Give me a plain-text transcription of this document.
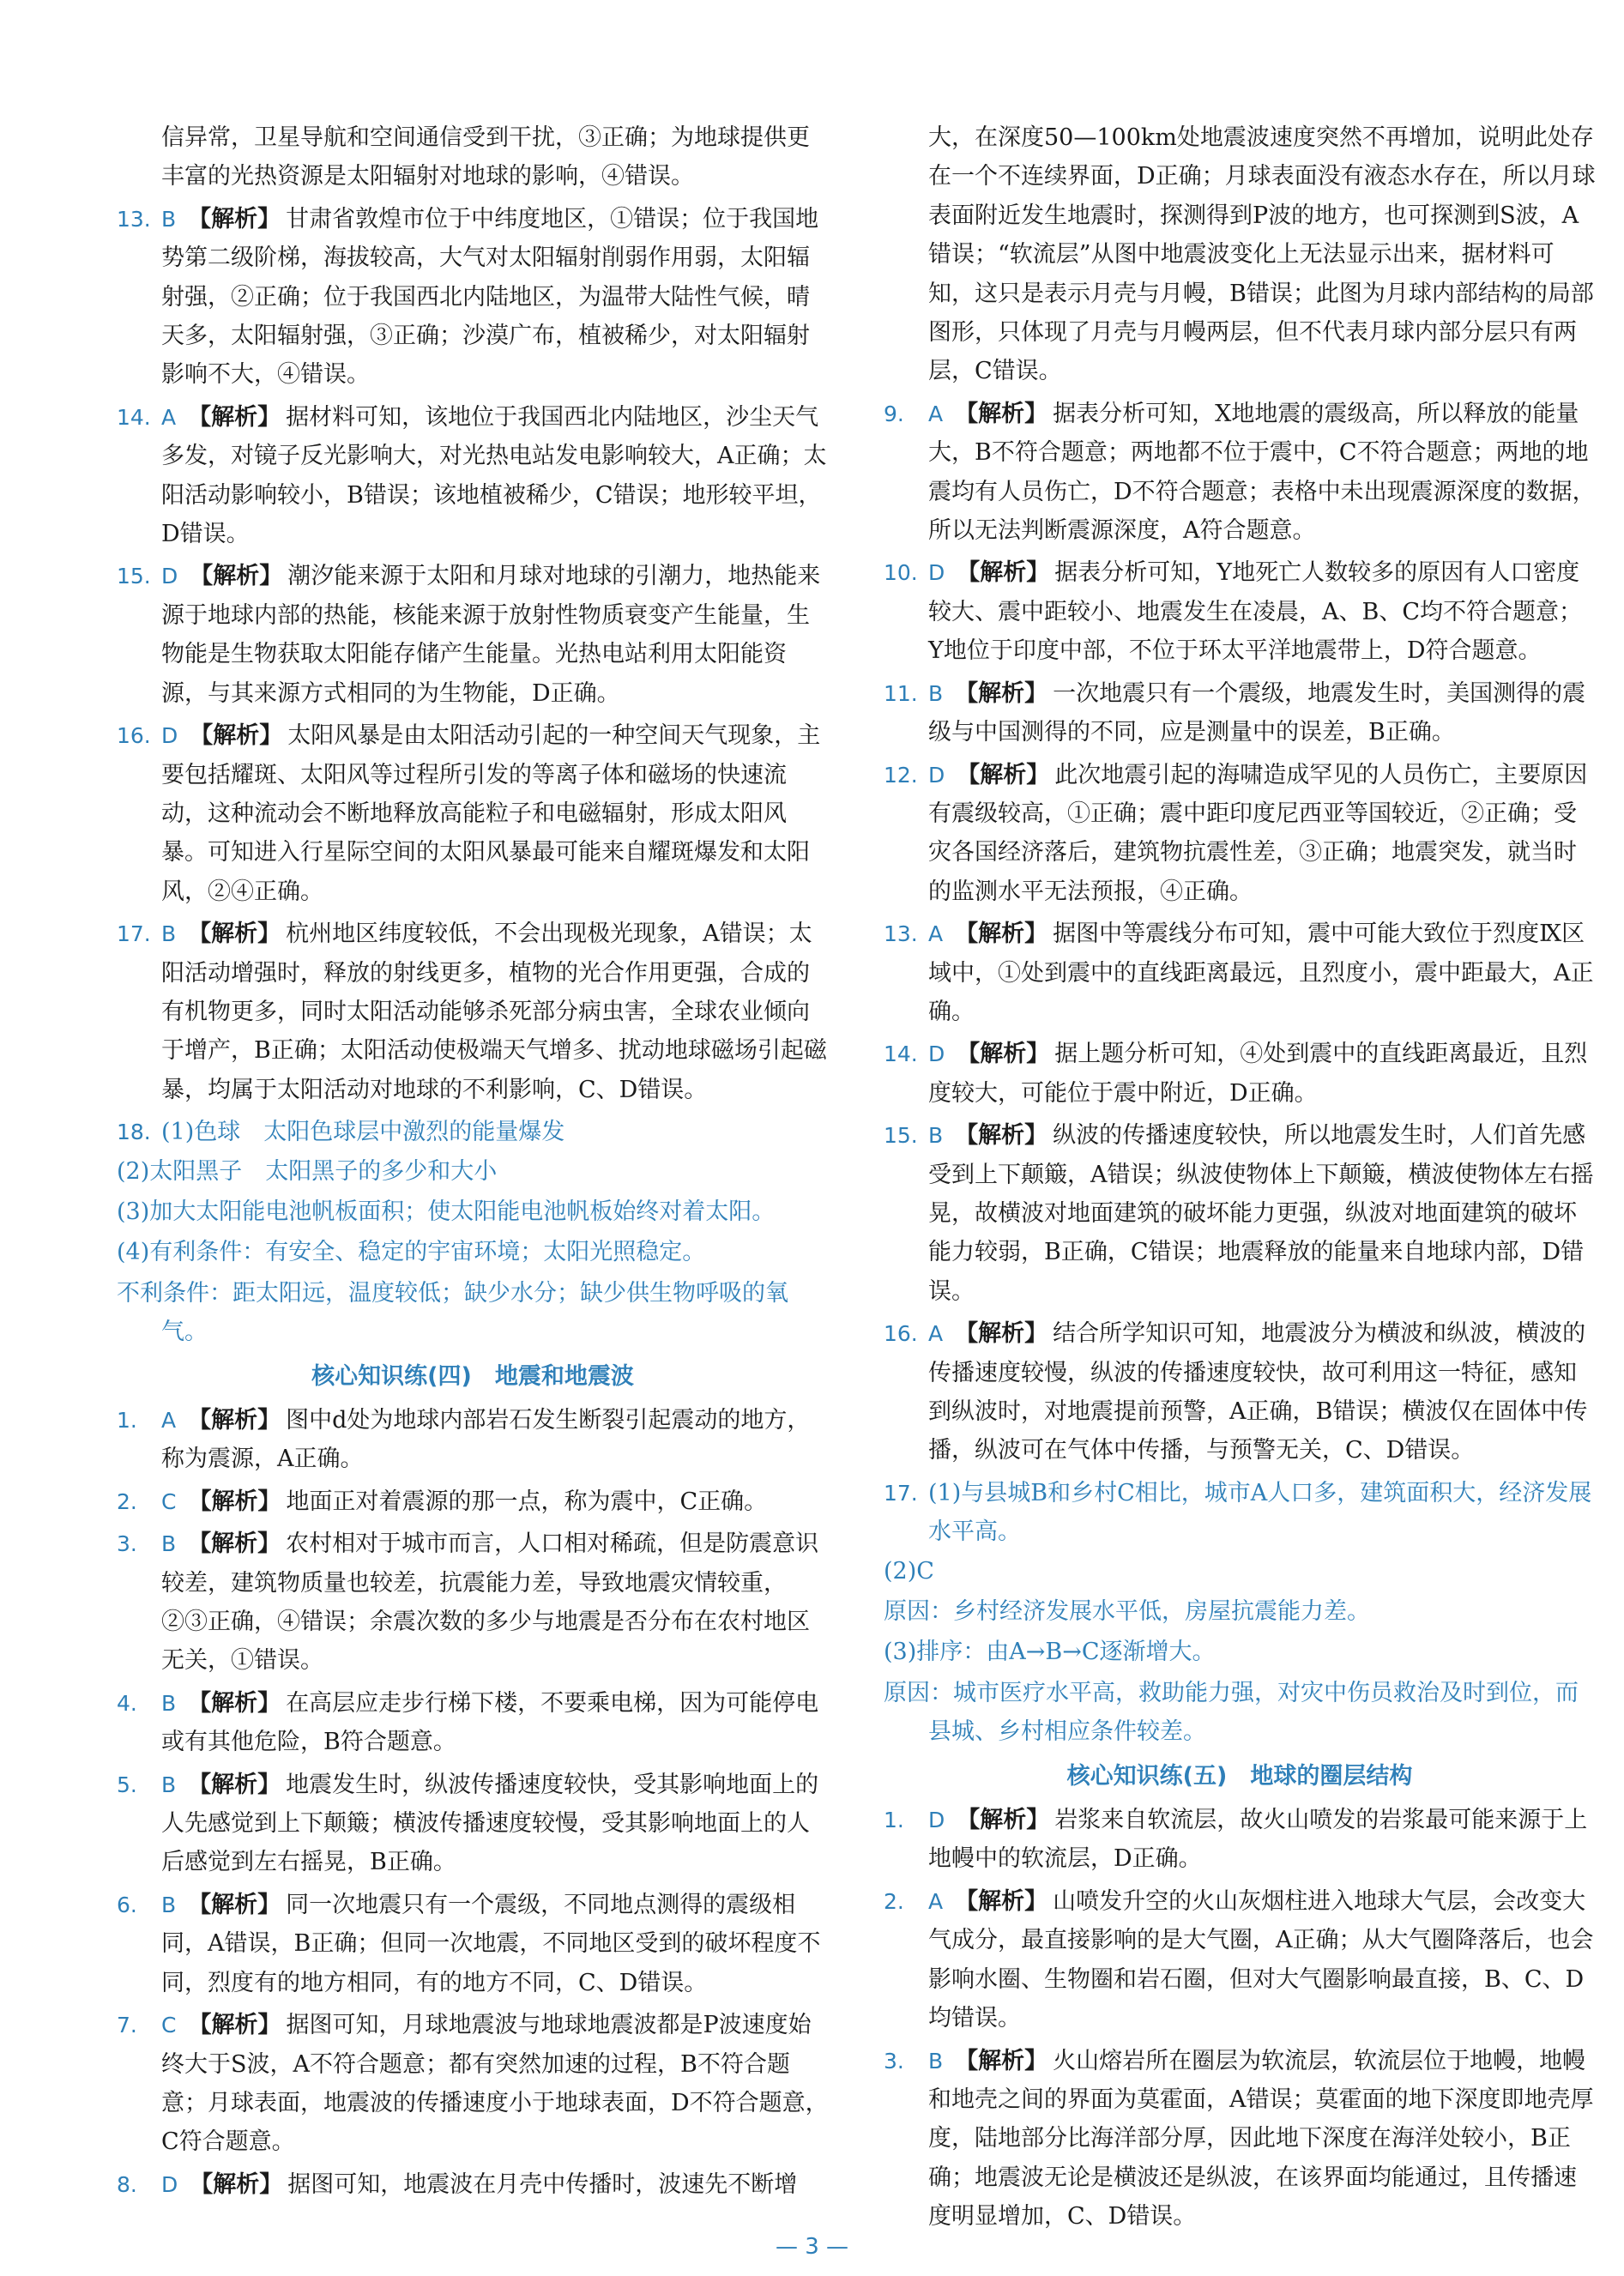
信异常，卫星导航和空间通信受到干扰，③正确；为地球提供更丰富的光热资源是太阳辐射对地球的影响，④错误。
13. B 【解析】 甘肃省敦煌市位于中纬度地区，①错误；位于我国地势第二级阶梯，海拔较高，大气对太阳辐射削弱作用弱，太阳辐射强，②正确；位于我国西北内陆地区，为温带大陆性气候，晴天多，太阳辐射强，③正确；沙漠广布，植被稀少，对太阳辐射影响不大，④错误。
14. A 【解析】 据材料可知，该地位于我国西北内陆地区，沙尘天气多发，对镜子反光影响大，对光热电站发电影响较大，A正确；太阳活动影响较小，B错误；该地植被稀少，C错误；地形较平坦，D错误。
15. D 【解析】 潮汐能来源于太阳和月球对地球的引潮力，地热能来源于地球内部的热能，核能来源于放射性物质衰变产生能量，生物能是生物获取太阳能存储产生能量。光热电站利用太阳能资源，与其来源方式相同的为生物能，D正确。
16. D 【解析】 太阳风暴是由太阳活动引起的一种空间天气现象，主要包括耀斑、太阳风等过程所引发的等离子体和磁场的快速流动，这种流动会不断地释放高能粒子和电磁辐射，形成太阳风暴。可知进入行星际空间的太阳风暴最可能来自耀斑爆发和太阳风，②④正确。
17. B 【解析】 杭州地区纬度较低，不会出现极光现象，A错误；太阳活动增强时，释放的射线更多，植物的光合作用更强，合成的有机物更多，同时太阳活动能够杀死部分病虫害，全球农业倾向于增产，B正确；太阳活动使极端天气增多、扰动地球磁场引起磁暴，均属于太阳活动对地球的不利影响，C、D错误。
18. (1)色球　太阳色球层中激烈的能量爆发
(2)太阳黑子　太阳黑子的多少和大小
(3)加大太阳能电池帆板面积；使太阳能电池帆板始终对着太阳。
(4)有利条件：有安全、稳定的宇宙环境；太阳光照稳定。
不利条件：距太阳远，温度较低；缺少水分；缺少供生物呼吸的氧气。
核心知识练(四)　地震和地震波
1. A 【解析】 图中d处为地球内部岩石发生断裂引起震动的地方，称为震源，A正确。
2. C 【解析】 地面正对着震源的那一点，称为震中，C正确。
3. B 【解析】 农村相对于城市而言，人口相对稀疏，但是防震意识较差，建筑物质量也较差，抗震能力差，导致地震灾情较重，②③正确，④错误；余震次数的多少与地震是否分布在农村地区无关，①错误。
4. B 【解析】 在高层应走步行梯下楼，不要乘电梯，因为可能停电或有其他危险，B符合题意。
5. B 【解析】 地震发生时，纵波传播速度较快，受其影响地面上的人先感觉到上下颠簸；横波传播速度较慢，受其影响地面上的人后感觉到左右摇晃，B正确。
6. B 【解析】 同一次地震只有一个震级，不同地点测得的震级相同，A错误，B正确；但同一次地震，不同地区受到的破坏程度不同，烈度有的地方相同，有的地方不同，C、D错误。
7. C 【解析】 据图可知，月球地震波与地球地震波都是P波速度始终大于S波，A不符合题意；都有突然加速的过程，B不符合题意；月球表面，地震波的传播速度小于地球表面，D不符合题意，C符合题意。
8. D 【解析】 据图可知，地震波在月壳中传播时，波速先不断增
大，在深度50—100km处地震波速度突然不再增加，说明此处存在一个不连续界面，D正确；月球表面没有液态水存在，所以月球表面附近发生地震时，探测得到P波的地方，也可探测到S波，A错误；“软流层”从图中地震波变化上无法显示出来，据材料可知，这只是表示月壳与月幔，B错误；此图为月球内部结构的局部图形，只体现了月壳与月幔两层，但不代表月球内部分层只有两层，C错误。
9. A 【解析】 据表分析可知，X地地震的震级高，所以释放的能量大，B不符合题意；两地都不位于震中，C不符合题意；两地的地震均有人员伤亡，D不符合题意；表格中未出现震源深度的数据，所以无法判断震源深度，A符合题意。
10. D 【解析】 据表分析可知，Y地死亡人数较多的原因有人口密度较大、震中距较小、地震发生在凌晨，A、B、C均不符合题意；Y地位于印度中部，不位于环太平洋地震带上，D符合题意。
11. B 【解析】 一次地震只有一个震级，地震发生时，美国测得的震级与中国测得的不同，应是测量中的误差，B正确。
12. D 【解析】 此次地震引起的海啸造成罕见的人员伤亡，主要原因有震级较高，①正确；震中距印度尼西亚等国较近，②正确；受灾各国经济落后，建筑物抗震性差，③正确；地震突发，就当时的监测水平无法预报，④正确。
13. A 【解析】 据图中等震线分布可知，震中可能大致位于烈度Ⅸ区域中，①处到震中的直线距离最远，且烈度小，震中距最大，A正确。
14. D 【解析】 据上题分析可知，④处到震中的直线距离最近，且烈度较大，可能位于震中附近，D正确。
15. B 【解析】 纵波的传播速度较快，所以地震发生时，人们首先感受到上下颠簸，A错误；纵波使物体上下颠簸，横波使物体左右摇晃，故横波对地面建筑的破坏能力更强，纵波对地面建筑的破坏能力较弱，B正确，C错误；地震释放的能量来自地球内部，D错误。
16. A 【解析】 结合所学知识可知，地震波分为横波和纵波，横波的传播速度较慢，纵波的传播速度较快，故可利用这一特征，感知到纵波时，对地震提前预警，A正确，B错误；横波仅在固体中传播，纵波可在气体中传播，与预警无关，C、D错误。
17. (1)与县城B和乡村C相比，城市A人口多，建筑面积大，经济发展水平高。
(2)C
原因：乡村经济发展水平低，房屋抗震能力差。
(3)排序：由A→B→C逐渐增大。
原因：城市医疗水平高，救助能力强，对灾中伤员救治及时到位，而县城、乡村相应条件较差。
核心知识练(五)　地球的圈层结构
1. D 【解析】 岩浆来自软流层，故火山喷发的岩浆最可能来源于上地幔中的软流层，D正确。
2. A 【解析】 山喷发升空的火山灰烟柱进入地球大气层，会改变大气成分，最直接影响的是大气圈，A正确；从大气圈降落后，也会影响水圈、生物圈和岩石圈，但对大气圈影响最直接，B、C、D均错误。
3. B 【解析】 火山熔岩所在圈层为软流层，软流层位于地幔，地幔和地壳之间的界面为莫霍面，A错误；莫霍面的地下深度即地壳厚度，陆地部分比海洋部分厚，因此地下深度在海洋处较小，B正确；地震波无论是横波还是纵波，在该界面均能通过，且传播速度明显增加，C、D错误。
— 3 —
